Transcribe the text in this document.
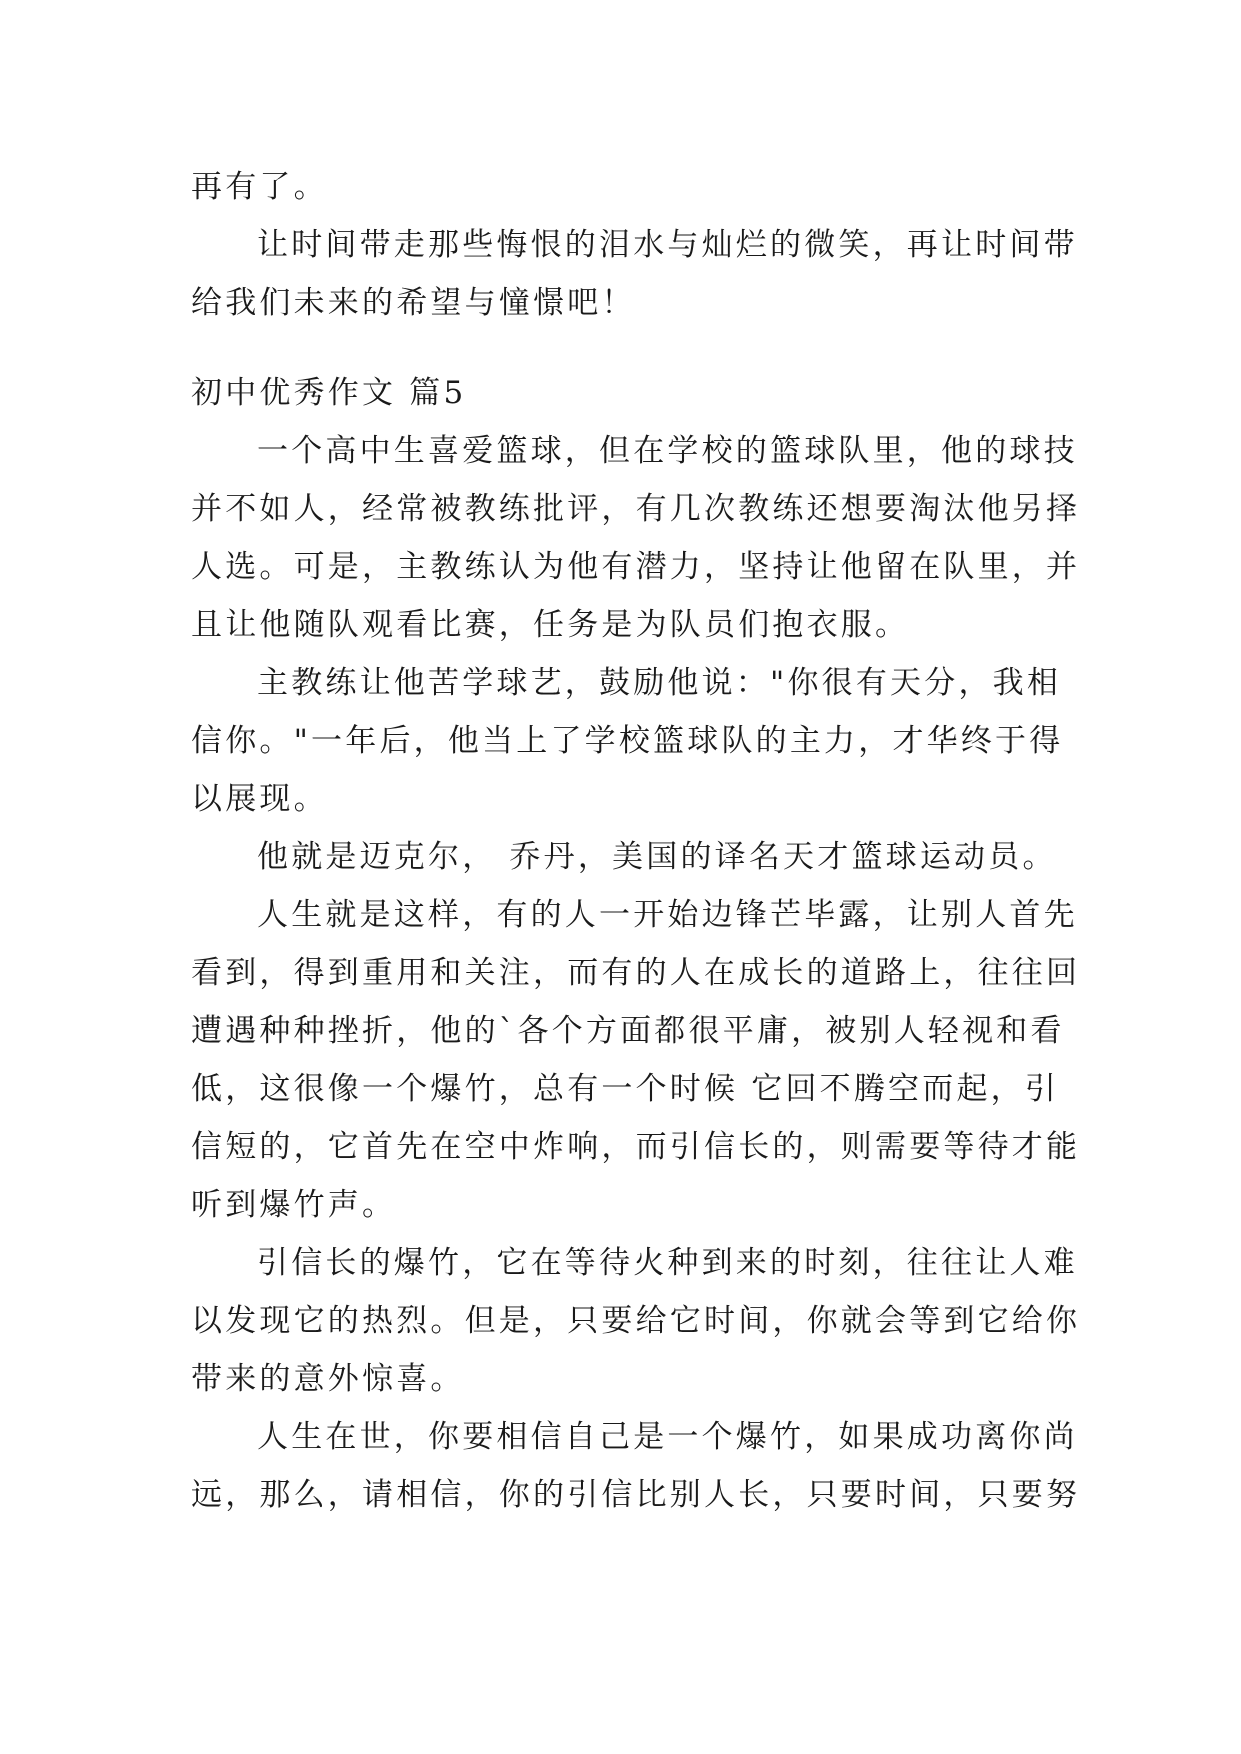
再有了。
让时间带走那些悔恨的泪水与灿烂的微笑，再让时间带
给我们未来的希望与憧憬吧！
初中优秀作文 篇5
一个高中生喜爱篮球，但在学校的篮球队里，他的球技
并不如人，经常被教练批评，有几次教练还想要淘汰他另择
人选。可是，主教练认为他有潜力，坚持让他留在队里，并
且让他随队观看比赛，任务是为队员们抱衣服。
主教练让他苦学球艺，鼓励他说："你很有天分，我相
信你。"一年后，他当上了学校篮球队的主力，才华终于得
以展现。
他就是迈克尔， 乔丹，美国的译名天才篮球运动员。
人生就是这样，有的人一开始边锋芒毕露，让别人首先
看到，得到重用和关注，而有的人在成长的道路上，往往回
遭遇种种挫折，他的`各个方面都很平庸，被别人轻视和看
低，这很像一个爆竹，总有一个时候 它回不腾空而起，引
信短的，它首先在空中炸响，而引信长的，则需要等待才能
听到爆竹声。
引信长的爆竹，它在等待火种到来的时刻，往往让人难
以发现它的热烈。但是，只要给它时间，你就会等到它给你
带来的意外惊喜。
人生在世，你要相信自己是一个爆竹，如果成功离你尚
远，那么，请相信，你的引信比别人长，只要时间，只要努
